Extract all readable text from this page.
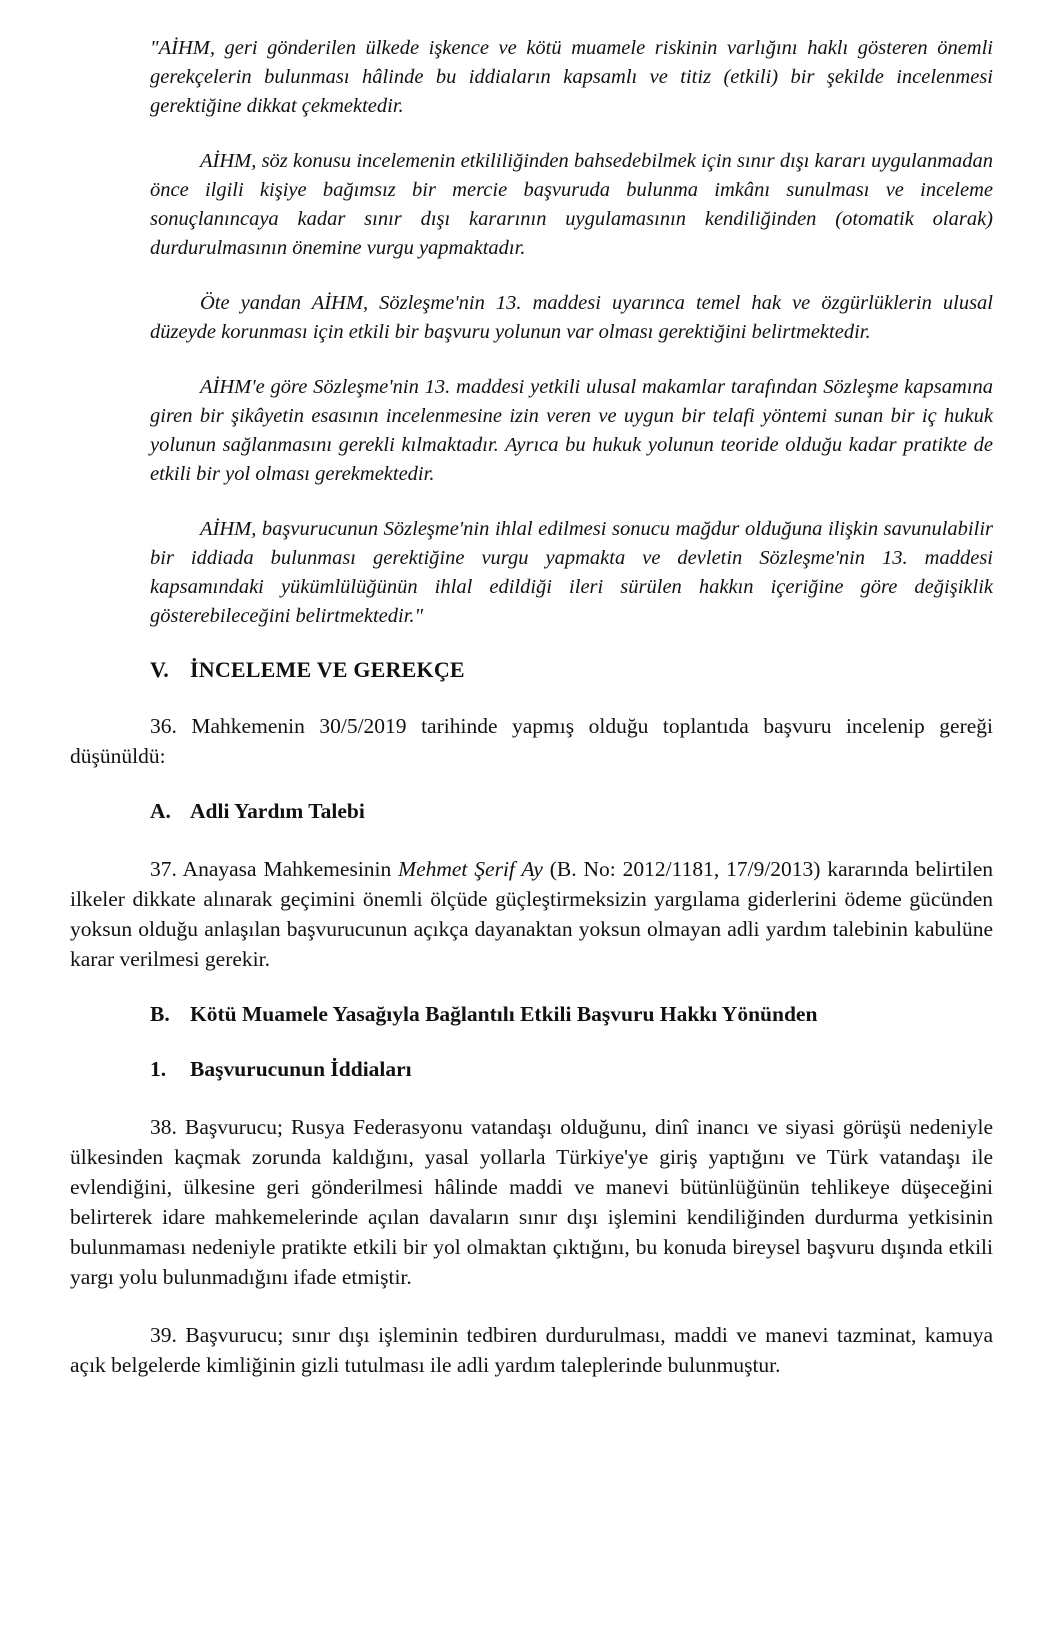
"AİHM, geri gönderilen ülkede işkence ve kötü muamele riskinin varlığını haklı gösteren önemli gerekçelerin bulunması hâlinde bu iddiaların kapsamlı ve titiz (etkili) bir şekilde incelenmesi gerektiğine dikkat çekmektedir.

AİHM, söz konusu incelemenin etkililiğinden bahsedebilmek için sınır dışı kararı uygulanmadan önce ilgili kişiye bağımsız bir mercie başvuruda bulunma imkânı sunulması ve inceleme sonuçlanıncaya kadar sınır dışı kararının uygulamasının kendiliğinden (otomatik olarak) durdurulmasının önemine vurgu yapmaktadır.

Öte yandan AİHM, Sözleşme'nin 13. maddesi uyarınca temel hak ve özgürlüklerin ulusal düzeyde korunması için etkili bir başvuru yolunun var olması gerektiğini belirtmektedir.

AİHM'e göre Sözleşme'nin 13. maddesi yetkili ulusal makamlar tarafından Sözleşme kapsamına giren bir şikâyetin esasının incelenmesine izin veren ve uygun bir telafi yöntemi sunan bir iç hukuk yolunun sağlanmasını gerekli kılmaktadır. Ayrıca bu hukuk yolunun teoride olduğu kadar pratikte de etkili bir yol olması gerekmektedir.

AİHM, başvurucunun Sözleşme'nin ihlal edilmesi sonucu mağdur olduğuna ilişkin savunulabilir bir iddiada bulunması gerektiğine vurgu yapmakta ve devletin Sözleşme'nin 13. maddesi kapsamındaki yükümlülüğünün ihlal edildiği ileri sürülen hakkın içeriğine göre değişiklik gösterebileceğini belirtmektedir."

V. İNCELEME VE GEREKÇE

36. Mahkemenin 30/5/2019 tarihinde yapmış olduğu toplantıda başvuru incelenip gereği düşünüldü:

A. Adli Yardım Talebi

37. Anayasa Mahkemesinin Mehmet Şerif Ay (B. No: 2012/1181, 17/9/2013) kararında belirtilen ilkeler dikkate alınarak geçimini önemli ölçüde güçleştirmeksizin yargılama giderlerini ödeme gücünden yoksun olduğu anlaşılan başvurucunun açıkça dayanaktan yoksun olmayan adli yardım talebinin kabulüne karar verilmesi gerekir.

B. Kötü Muamele Yasağıyla Bağlantılı Etkili Başvuru Hakkı Yönünden
1. Başvurucunun İddiaları

38. Başvurucu; Rusya Federasyonu vatandaşı olduğunu, dinî inancı ve siyasi görüşü nedeniyle ülkesinden kaçmak zorunda kaldığını, yasal yollarla Türkiye'ye giriş yaptığını ve Türk vatandaşı ile evlendiğini, ülkesine geri gönderilmesi hâlinde maddi ve manevi bütünlüğünün tehlikeye düşeceğini belirterek idare mahkemelerinde açılan davaların sınır dışı işlemini kendiliğinden durdurma yetkisinin bulunmaması nedeniyle pratikte etkili bir yol olmaktan çıktığını, bu konuda bireysel başvuru dışında etkili yargı yolu bulunmadığını ifade etmiştir.

39. Başvurucu; sınır dışı işleminin tedbiren durdurulması, maddi ve manevi tazminat, kamuya açık belgelerde kimliğinin gizli tutulması ile adli yardım taleplerinde bulunmuştur.
